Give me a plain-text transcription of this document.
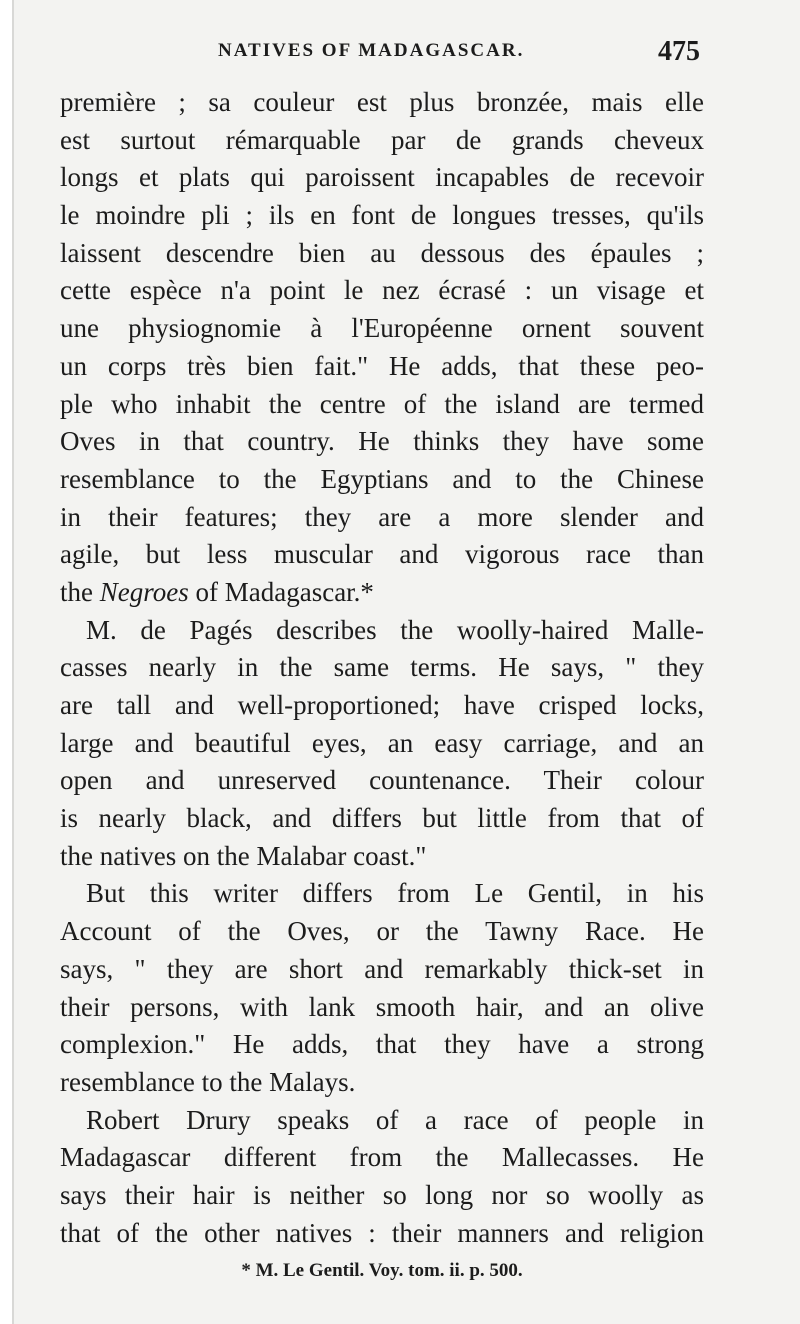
NATIVES OF MADAGASCAR.	475
première ; sa couleur est plus bronzée, mais elle
est surtout rémarquable par de grands cheveux
longs et plats qui paroissent incapables de recevoir
le moindre pli ; ils en font de longues tresses, qu'ils
laissent descendre bien au dessous des épaules ;
cette espèce n'a point le nez écrasé : un visage et
une physiognomie à l'Européenne ornent souvent
un corps très bien fait." He adds, that these peo-
ple who inhabit the centre of the island are termed
Oves in that country. He thinks they have some
resemblance to the Egyptians and to the Chinese
in their features; they are a more slender and
agile, but less muscular and vigorous race than
the Negroes of Madagascar.*
M. de Pagés describes the woolly-haired Malle-
casses nearly in the same terms. He says, " they
are tall and well-proportioned; have crisped locks,
large and beautiful eyes, an easy carriage, and an
open and unreserved countenance. Their colour
is nearly black, and differs but little from that of
the natives on the Malabar coast."
But this writer differs from Le Gentil, in his
Account of the Oves, or the Tawny Race. He
says, " they are short and remarkably thick-set in
their persons, with lank smooth hair, and an olive
complexion." He adds, that they have a strong
resemblance to the Malays.
Robert Drury speaks of a race of people in
Madagascar different from the Mallecasses. He
says their hair is neither so long nor so woolly as
that of the other natives : their manners and religion
* M. Le Gentil. Voy. tom. ii. p. 500.
